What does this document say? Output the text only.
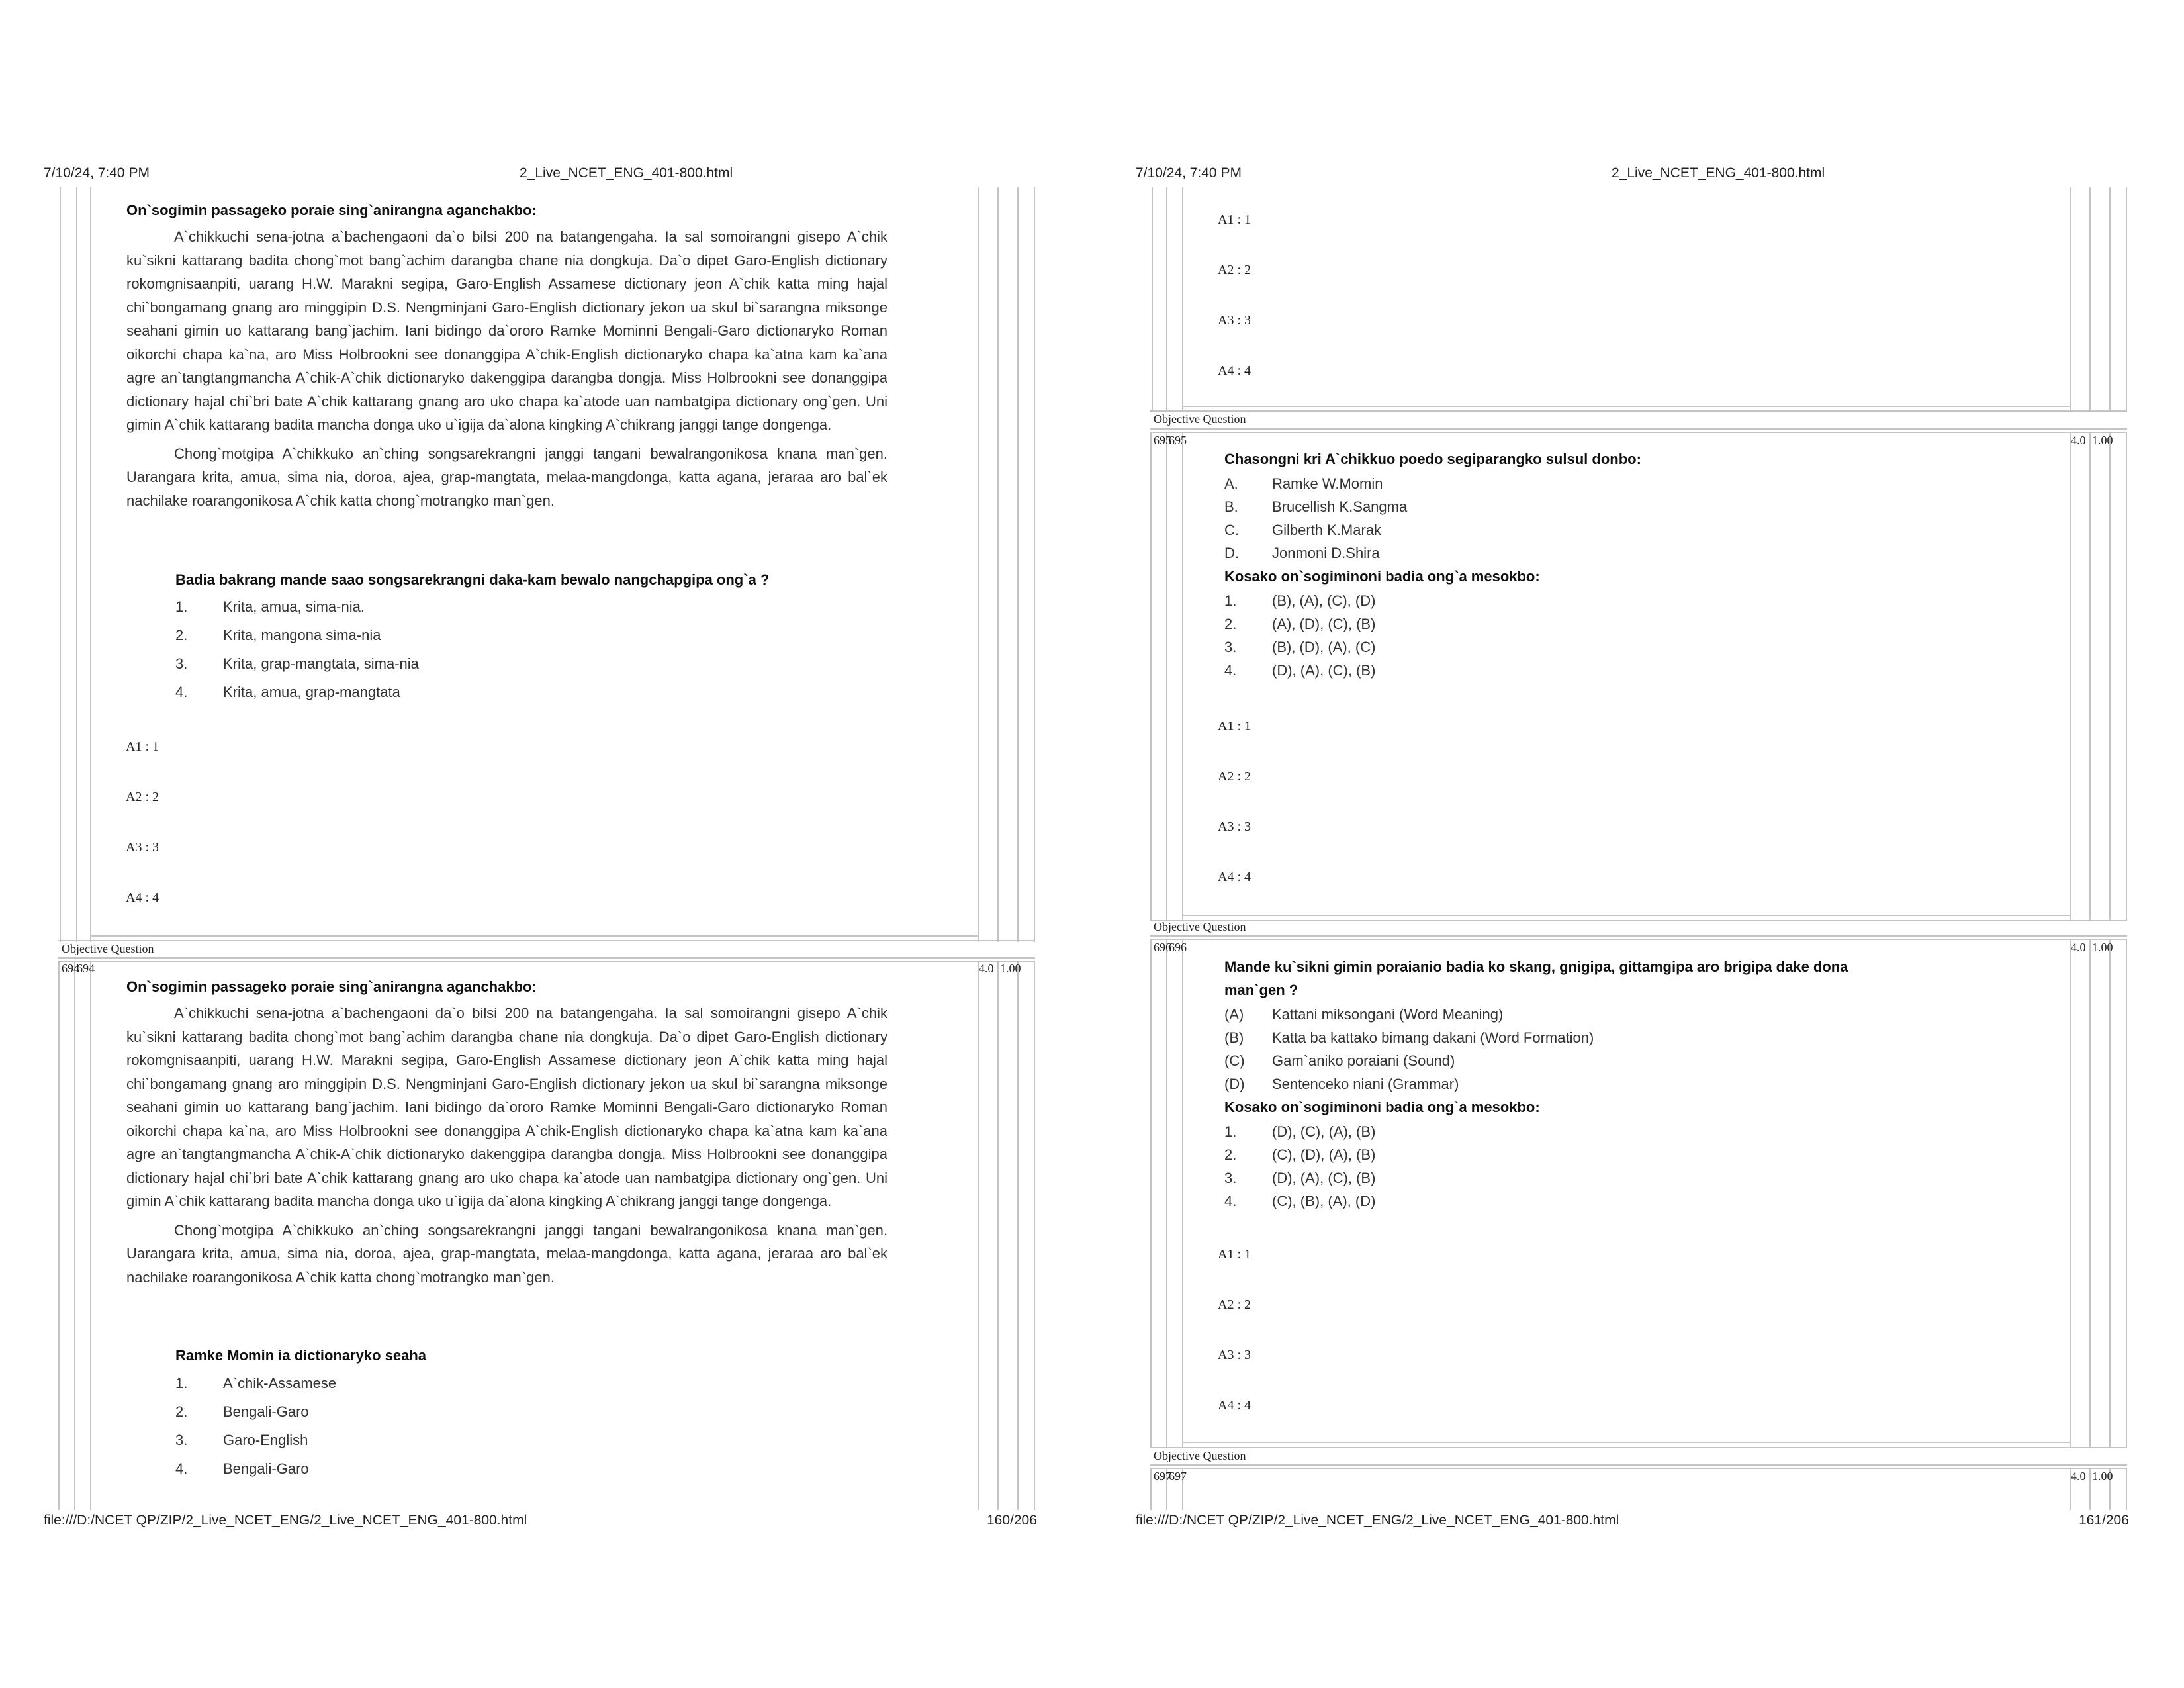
7/10/24, 7:40 PM	2_Live_NCET_ENG_401-800.html
On`sogimin passageko poraie sing`anirangna aganchakbo:

A`chikkuchi sena-jotna a`bachengaoni da`o bilsi 200 na batangengaha. Ia sal somoirangni gisepo A`chik ku`sikni kattarang badita chong`mot bang`achim darangba chane nia dongkuja. Da`o dipet Garo-English dictionary rokomgnisaanpiti, uarang H.W. Marakni segipa, Garo-English Assamese dictionary jeon A`chik katta ming hajal chi`bongamang gnang aro minggipin D.S. Nengminjani Garo-English dictionary jekon ua skul bi`sarangna miksonge seahani gimin uo kattarang bang`jachim. Iani bidingo da`ororo Ramke Mominni Bengali-Garo dictionaryko Roman oikorchi chapa ka`na, aro Miss Holbrookni see donanggipa A`chik-English dictionaryko chapa ka`atna kam ka`ana agre an`tangtangmancha A`chik-A`chik dictionaryko dakenggipa darangba dongja. Miss Holbrookni see donanggipa dictionary hajal chi`bri bate A`chik kattarang gnang aro uko chapa ka`atode uan nambatgipa dictionary ong`gen. Uni gimin A`chik kattarang badita mancha donga uko u`igija da`alona kingking A`chikrang janggi tange dongenga.

Chong`motgipa A`chikkuko an`ching songsarekrangni janggi tangani bewalrangonikosa knana man`gen. Uarangara krita, amua, sima nia, doroa, ajea, grap-mangtata, melaa-mangdonga, katta agana, jeraraa aro bal`ek nachilake roarangonikosa A`chik katta chong`motrangko man`gen.

Badia bakrang mande saao songsarekrangni daka-kam bewalo nangchapgipa ong`a ?
1. Krita, amua, sima-nia.
2. Krita, mangona sima-nia
3. Krita, grap-mangtata, sima-nia
4. Krita, amua, grap-mangtata
A1 : 1
A2 : 2
A3 : 3
A4 : 4
Objective Question
694
694	4.0 1.00
On`sogimin passageko poraie sing`anirangna aganchakbo:

A`chikkuchi sena-jotna a`bachengaoni da`o bilsi 200 na batangengaha. Ia sal somoirangni gisepo A`chik ku`sikni kattarang badita chong`mot bang`achim darangba chane nia dongkuja. Da`o dipet Garo-English dictionary rokomgnisaanpiti, uarang H.W. Marakni segipa, Garo-English Assamese dictionary jeon A`chik katta ming hajal chi`bongamang gnang aro minggipin D.S. Nengminjani Garo-English dictionary jekon ua skul bi`sarangna miksonge seahani gimin uo kattarang bang`jachim. Iani bidingo da`ororo Ramke Mominni Bengali-Garo dictionaryko Roman oikorchi chapa ka`na, aro Miss Holbrookni see donanggipa A`chik-English dictionaryko chapa ka`atna kam ka`ana agre an`tangtangmancha A`chik-A`chik dictionaryko dakenggipa darangba dongja. Miss Holbrookni see donanggipa dictionary hajal chi`bri bate A`chik kattarang gnang aro uko chapa ka`atode uan nambatgipa dictionary ong`gen. Uni gimin A`chik kattarang badita mancha donga uko u`igija da`alona kingking A`chikrang janggi tange dongenga.

Chong`motgipa A`chikkuko an`ching songsarekrangni janggi tangani bewalrangonikosa knana man`gen. Uarangara krita, amua, sima nia, doroa, ajea, grap-mangtata, melaa-mangdonga, katta agana, jeraraa aro bal`ek nachilake roarangonikosa A`chik katta chong`motrangko man`gen.

Ramke Momin ia dictionaryko seaha
1. A`chik-Assamese
2. Bengali-Garo
3. Garo-English
4. Bengali-Garo
file:///D:/NCET QP/ZIP/2_Live_NCET_ENG/2_Live_NCET_ENG_401-800.html	160/206
7/10/24, 7:40 PM	2_Live_NCET_ENG_401-800.html
A1 : 1
A2 : 2
A3 : 3
A4 : 4
Objective Question
695
695	4.0 1.00
Chasongni kri A`chikkuo poedo segiparangko sulsul donbo:
A. Ramke W.Momin
B. Brucellish K.Sangma
C. Gilberth K.Marak
D. Jonmoni D.Shira
Kosako on`sogiminoni badia ong`a mesokbo:
1. (B), (A), (C), (D)
2. (A), (D), (C), (B)
3. (B), (D), (A), (C)
4. (D), (A), (C), (B)
A1 : 1
A2 : 2
A3 : 3
A4 : 4
Objective Question
696
696	4.0 1.00
Mande ku`sikni gimin poraianio badia ko skang, gnigipa, gittamgipa aro brigipa dake dona
man`gen ?
(A) Kattani miksongani (Word Meaning)
(B) Katta ba kattako bimang dakani (Word Formation)
(C) Gam`aniko poraiani (Sound)
(D) Sentenceko niani (Grammar)
Kosako on`sogiminoni badia ong`a mesokbo:
1. (D), (C), (A), (B)
2. (C), (D), (A), (B)
3. (D), (A), (C), (B)
4. (C), (B), (A), (D)
A1 : 1
A2 : 2
A3 : 3
A4 : 4
Objective Question
697
697	4.0 1.00
file:///D:/NCET QP/ZIP/2_Live_NCET_ENG/2_Live_NCET_ENG_401-800.html	161/206
